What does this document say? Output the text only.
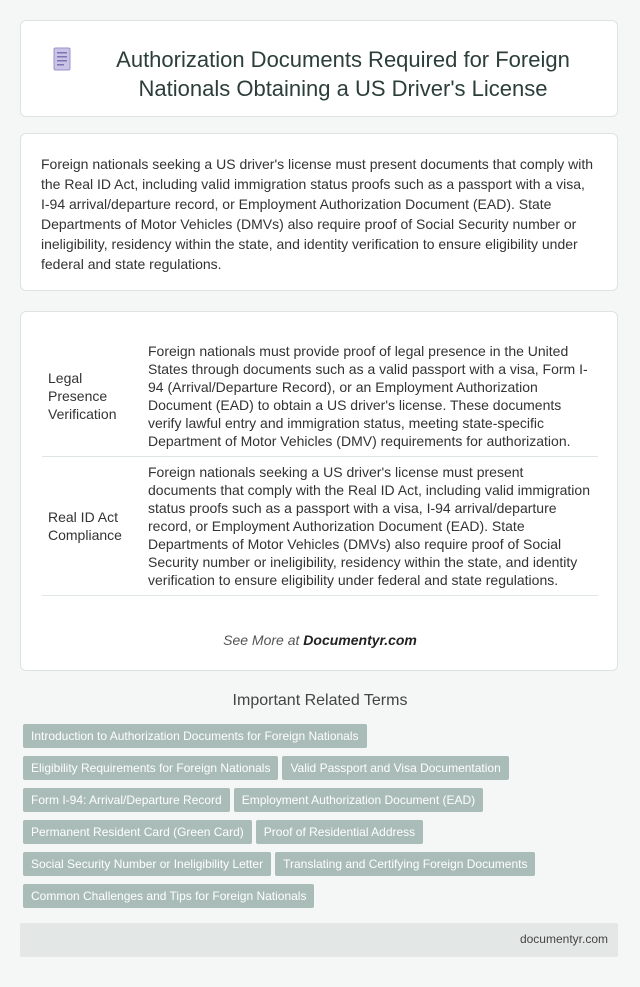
Authorization Documents Required for Foreign Nationals Obtaining a US Driver's License
Foreign nationals seeking a US driver's license must present documents that comply with the Real ID Act, including valid immigration status proofs such as a passport with a visa, I-94 arrival/departure record, or Employment Authorization Document (EAD). State Departments of Motor Vehicles (DMVs) also require proof of Social Security number or ineligibility, residency within the state, and identity verification to ensure eligibility under federal and state regulations.
Legal Presence Verification	Foreign nationals must provide proof of legal presence in the United States through documents such as a valid passport with a visa, Form I-94 (Arrival/Departure Record), or an Employment Authorization Document (EAD) to obtain a US driver's license. These documents verify lawful entry and immigration status, meeting state-specific Department of Motor Vehicles (DMV) requirements for authorization.
Real ID Act Compliance	Foreign nationals seeking a US driver's license must present documents that comply with the Real ID Act, including valid immigration status proofs such as a passport with a visa, I-94 arrival/departure record, or Employment Authorization Document (EAD). State Departments of Motor Vehicles (DMVs) also require proof of Social Security number or ineligibility, residency within the state, and identity verification to ensure eligibility under federal and state regulations.
See More at Documentyr.com
Important Related Terms
Introduction to Authorization Documents for Foreign Nationals
Eligibility Requirements for Foreign Nationals Valid Passport and Visa Documentation
Form I-94: Arrival/Departure Record Employment Authorization Document (EAD)
Permanent Resident Card (Green Card) Proof of Residential Address
Social Security Number or Ineligibility Letter Translating and Certifying Foreign Documents
Common Challenges and Tips for Foreign Nationals
documentyr.com
